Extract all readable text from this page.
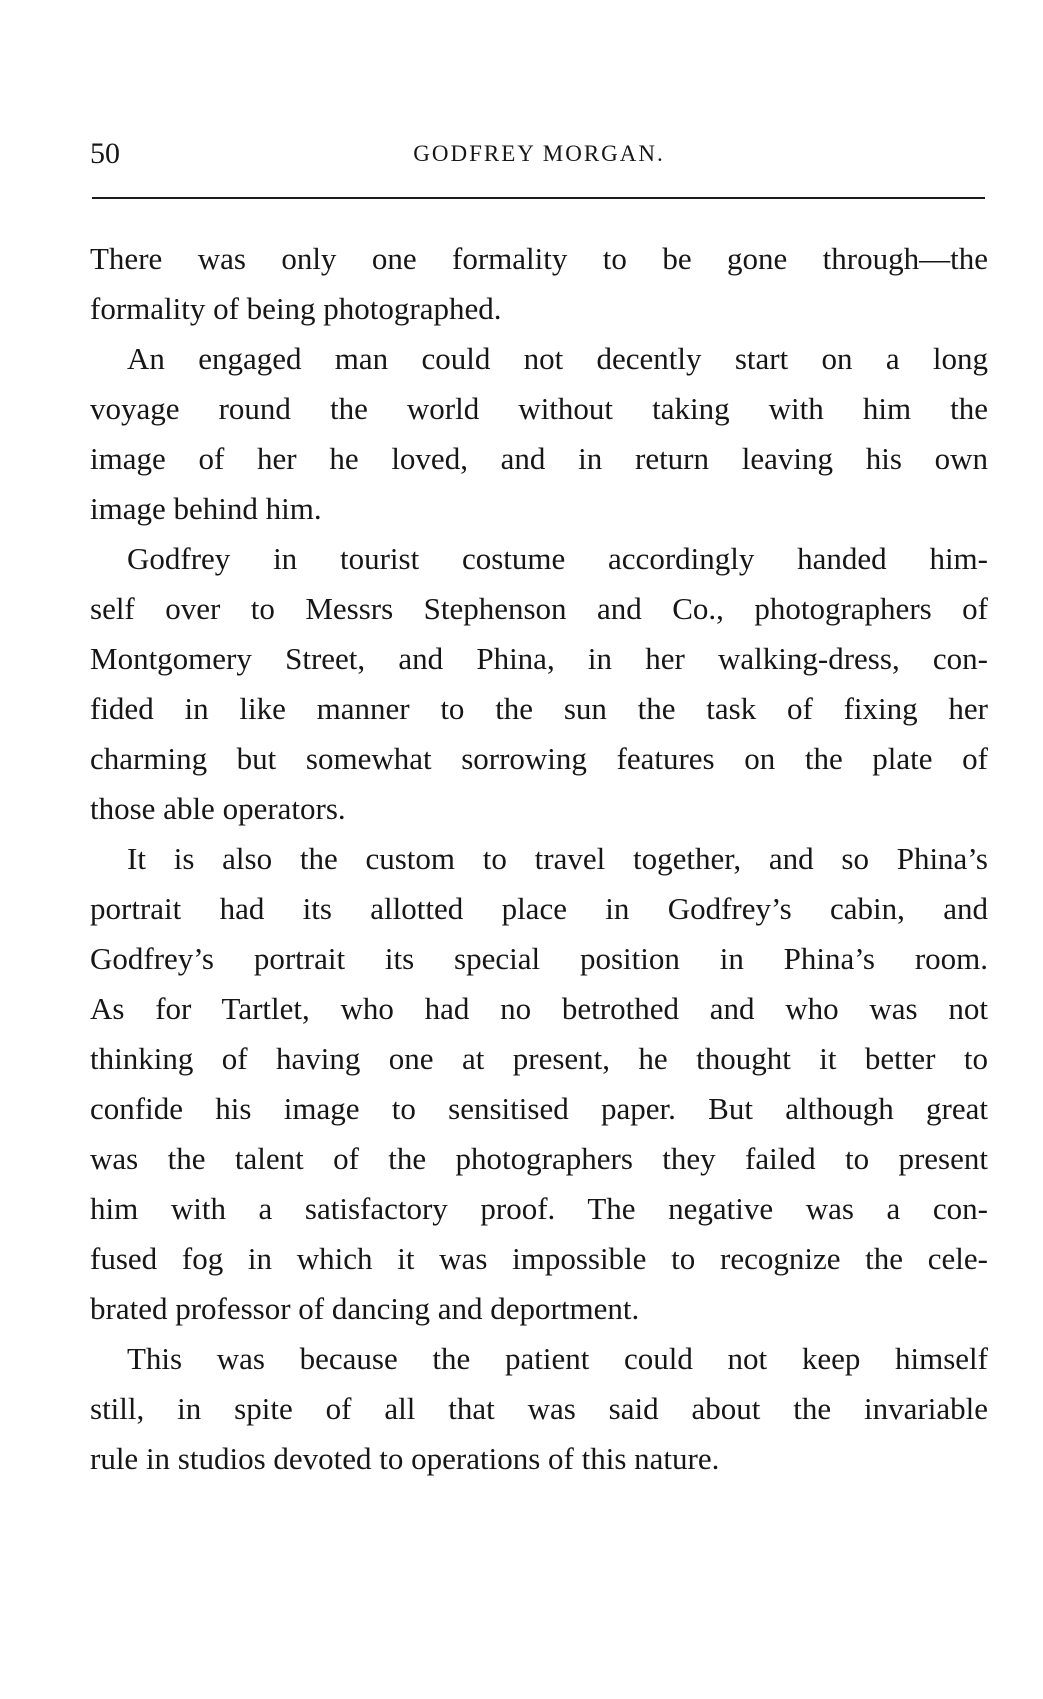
50	GODFREY MORGAN.
There was only one formality to be gone through—the
formality of being photographed.
An engaged man could not decently start on a long
voyage round the world without taking with him the
image of her he loved, and in return leaving his own
image behind him.
Godfrey in tourist costume accordingly handed him-
self over to Messrs Stephenson and Co., photographers of
Montgomery Street, and Phina, in her walking-dress, con-
fided in like manner to the sun the task of fixing her
charming but somewhat sorrowing features on the plate of
those able operators.
It is also the custom to travel together, and so Phina’s
portrait had its allotted place in Godfrey’s cabin, and
Godfrey’s portrait its special position in Phina’s room.
As for Tartlet, who had no betrothed and who was not
thinking of having one at present, he thought it better to
confide his image to sensitised paper. But although great
was the talent of the photographers they failed to present
him with a satisfactory proof. The negative was a con-
fused fog in which it was impossible to recognize the cele-
brated professor of dancing and deportment.
This was because the patient could not keep himself
still, in spite of all that was said about the invariable
rule in studios devoted to operations of this nature.
